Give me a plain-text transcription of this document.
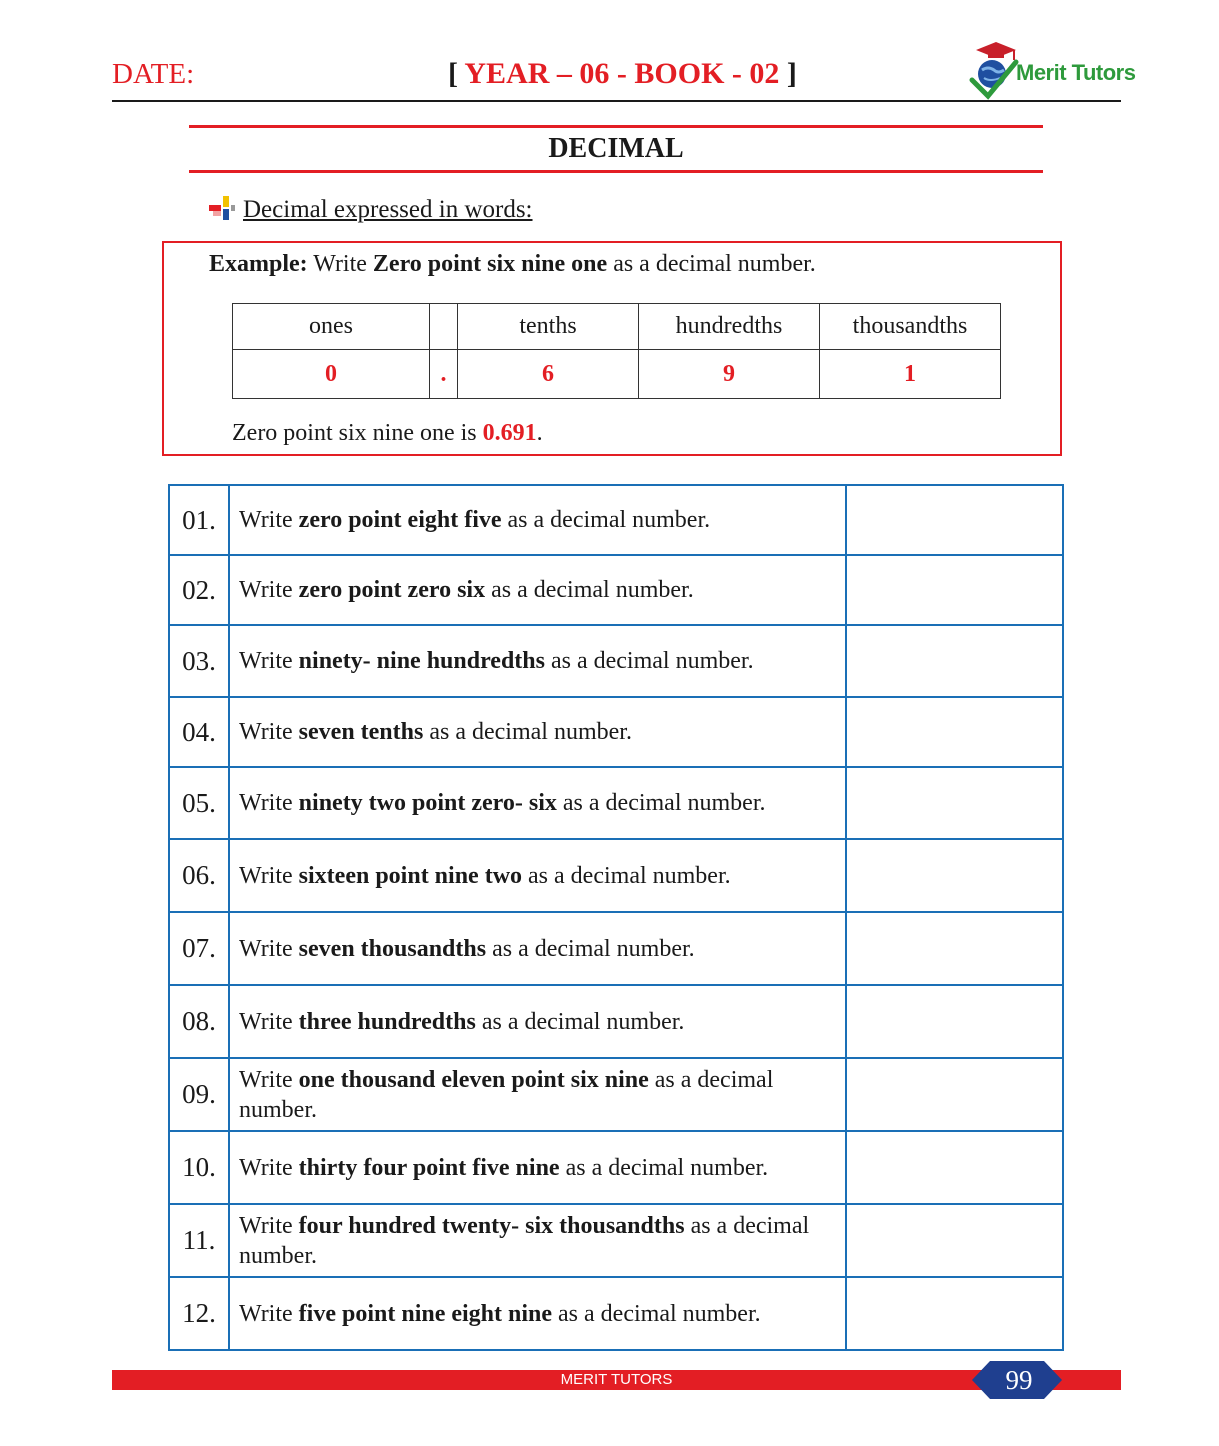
DATE:	[ YEAR – 06 - BOOK - 02 ]	Merit Tutors
DECIMAL
Decimal expressed in words:
Example: Write Zero point six nine one as a decimal number.
ones		tenths	hundredths	thousandths
0	.	6	9	1
Zero point six nine one is 0.691.
01.	Write zero point eight five as a decimal number.	
02.	Write zero point zero six as a decimal number.	
03.	Write ninety- nine hundredths as a decimal number.	
04.	Write seven tenths as a decimal number.	
05.	Write ninety two point zero- six as a decimal number.	
06.	Write sixteen point nine two as a decimal number.	
07.	Write seven thousandths as a decimal number.	
08.	Write three hundredths as a decimal number.	
09.	Write one thousand eleven point six nine as a decimal number.	
10.	Write thirty four point five nine as a decimal number.	
11.	Write four hundred twenty- six thousandths as a decimal number.	
12.	Write five point nine eight nine as a decimal number.	
MERIT TUTORS	99
